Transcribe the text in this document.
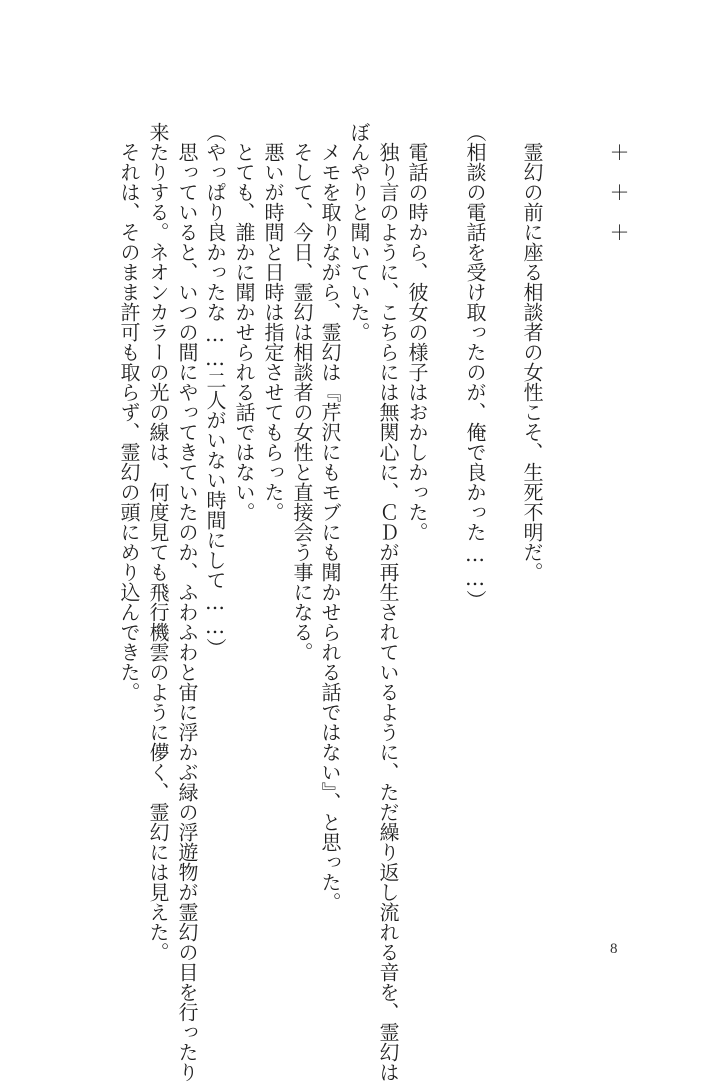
　＋　＋　＋
　霊幻の前に座る相談者の女性こそ、生死不明だ。
（相談の電話を受け取ったのが、俺で良かった……）
　電話の時から、彼女の様子はおかしかった。
　独り言のように、こちらには無関心に、ＣＤが再生されているように、ただ繰り返し流れる音を、霊幻は
ぼんやりと聞いていた。
　メモを取りながら、霊幻は『芹沢にもモブにも聞かせられる話ではない』、と思った。
　そして、今日、霊幻は相談者の女性と直接会う事になる。
　悪いが時間と日時は指定させてもらった。
　とても、誰かに聞かせられる話ではない。
（やっぱり良かったな……二人がいない時間にして……）
　思っていると、いつの間にやってきていたのか、ふわふわと宙に浮かぶ緑の浮遊物が霊幻の目を行ったり
来たりする。ネオンカラーの光の線は、何度見ても飛行機雲のように儚く、霊幻には見えた。
　それは、そのまま許可も取らず、霊幻の頭にめり込んできた。
8
